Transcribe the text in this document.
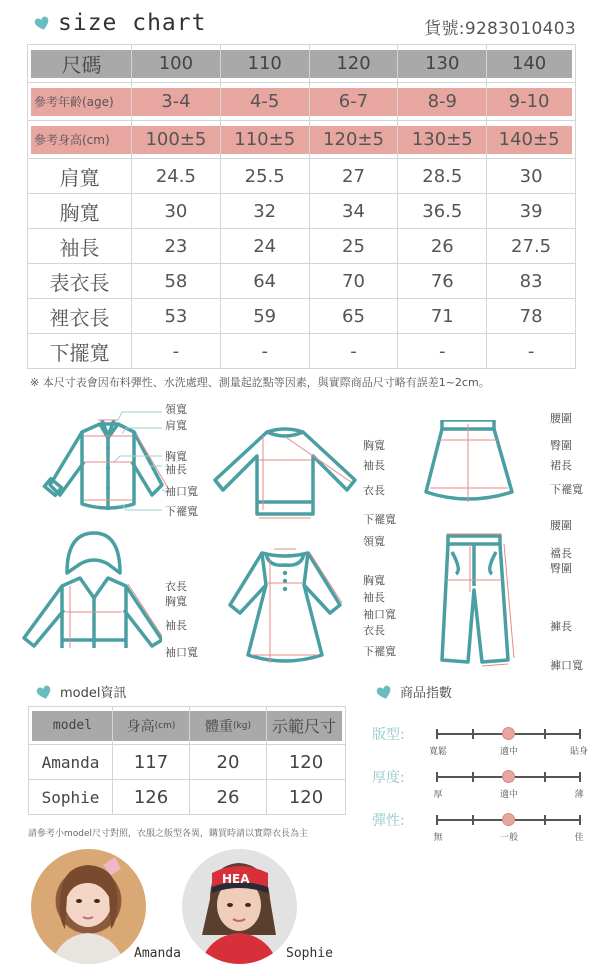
size chart	貨號:9283010403
尺碼	100	110	120	130	140

參考年齡(age)	3-4	4-5	6-7	8-9	9-10

參考身高(cm)	100±5	110±5	120±5	130±5	140±5

肩寬	24.5	25.5	27	28.5	30
胸寬	30	32	34	36.5	39
袖長	23	24	25	26	27.5
表衣長	58	64	70	76	83
裡衣長	53	59	65	71	78
下擺寬	-	-	-	-	-
※ 本尺寸表會因布料彈性、水洗處理、測量起訖點等因素，與實際商品尺寸略有誤差1~2cm。
領寬
肩寬
胸寬
袖長
袖口寬
下襬寬
胸寬
袖長
衣長
下襬寬
腰圍
臀圍
裙長
下襬寬
衣長
胸寬
袖長
袖口寬
領寬
胸寬
袖長
袖口寬
衣長
下襬寬
腰圍
襠長
臀圍
褲長
褲口寬
model資訊
model	身高 (cm)	體重 (kg)	示範尺寸

Amanda	117	20	120
Sophie	126	26	120
請參考小model尺寸對照，衣服之版型各異，購買時請以實際衣長為主
商品指數
版型:
寬鬆	適中	貼身
厚度:
厚	適中	薄
彈性:
無	一般	佳
Amanda
HEA
Sophie
